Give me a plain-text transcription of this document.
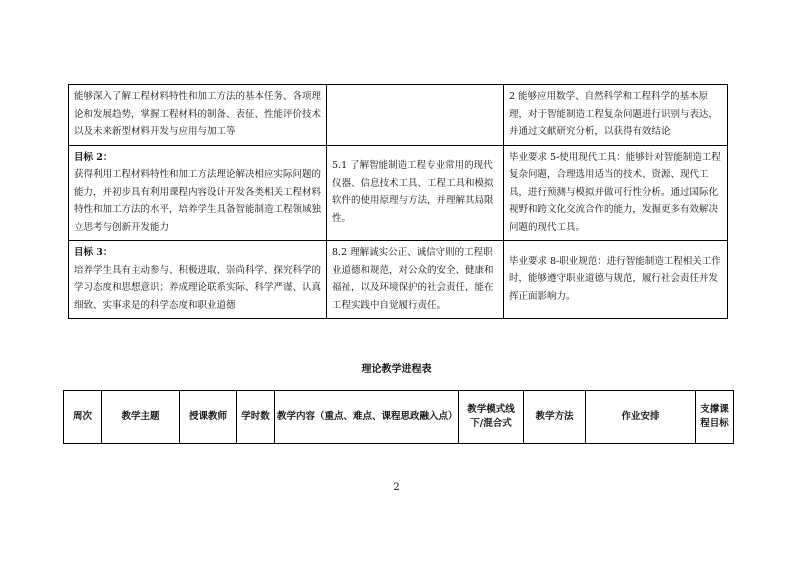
能够深入了解工程材料特性和加工方法的基本任务、各项理论和发展趋势，掌握工程材料的制备、表征、性能评价技术以及未来新型材料开发与应用与加工等		2 能够应用数学、自然科学和工程科学的基本原理，对于智能制造工程复杂问题进行识别与表达，并通过文献研究分析，以获得有效结论

目标 2：
获得利用工程材料特性和加工方法理论解决相应实际问题的能力，并初步具有利用课程内容设计开发各类相关工程材料特性和加工方法的水平，培养学生具备智能制造工程领域独立思考与创新开发能力	5.1 了解智能制造工程专业常用的现代仪器、信息技术工具、工程工具和模拟软件的使用原理与方法，并理解其局限性。	毕业要求 5-使用现代工具：能够针对智能制造工程复杂问题，合理选用适当的技术、资源、现代工具，进行预测与模拟并做可行性分析。通过国际化视野和跨文化交流合作的能力，发掘更多有效解决问题的现代工具。

目标 3：
培养学生具有主动参与、积极进取、崇尚科学、探究科学的学习态度和思想意识；养成理论联系实际、科学严谨、认真细致、实事求是的科学态度和职业道德	8.2 理解诚实公正、诚信守则的工程职业道德和规范，对公众的安全、健康和福祉，以及环境保护的社会责任，能在工程实践中自觉履行责任。	毕业要求 8-职业规范：进行智能制造工程相关工作时，能够遵守职业道德与规范，履行社会责任并发挥正面影响力。
理论教学进程表
周次	教学主题	授课教师	学时数	教学内容（重点、难点、课程思政融入点）	教学模式线下/混合式	教学方法	作业安排	支撑课程目标
2
